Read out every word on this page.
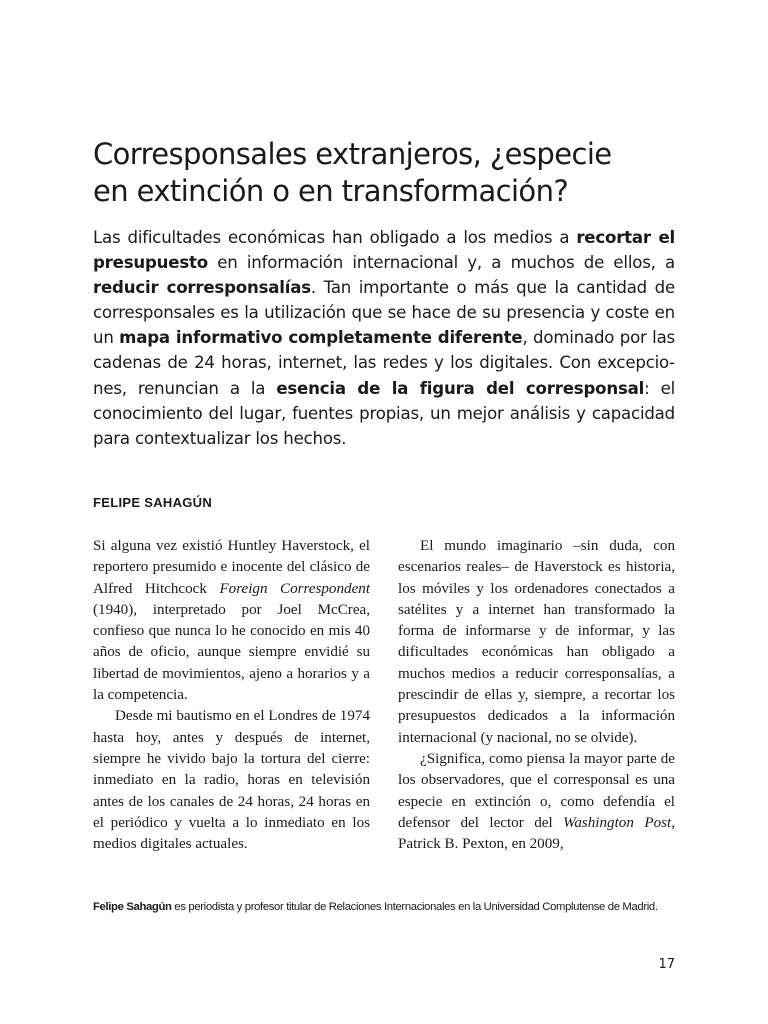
Corresponsales extranjeros, ¿especie
en extinción o en transformación?

Las dificultades económicas han obligado a los medios a recortar el presupuesto en información internacional y, a muchos de ellos, a reducir corresponsalías. Tan importante o más que la cantidad de corresponsales es la utilización que se hace de su presencia y coste en un mapa informativo completamente diferente, dominado por las cadenas de 24 horas, internet, las redes y los digitales. Con excepciones, renuncian a la esencia de la figura del corresponsal: el conocimiento del lugar, fuentes propias, un mejor análisis y capacidad para contextualizar los hechos.

FELIPE SAHAGÚN

Si alguna vez existió Huntley Haverstock, el reportero presumido e inocente del clásico de Alfred Hitchcock Foreign Correspondent (1940), interpretado por Joel McCrea, confieso que nunca lo he conocido en mis 40 años de oficio, aunque siempre envidié su libertad de movimientos, ajeno a horarios y a la competencia.

Desde mi bautismo en el Londres de 1974 hasta hoy, antes y después de internet, siempre he vivido bajo la tortura del cierre: inmediato en la radio, horas en televisión antes de los canales de 24 horas, 24 horas en el periódico y vuelta a lo inmediato en los medios digitales actuales.

El mundo imaginario –sin duda, con escenarios reales– de Haverstock es historia, los móviles y los ordenadores conectados a satélites y a internet han transformado la forma de informarse y de informar, y las dificultades económicas han obligado a muchos medios a reducir corresponsalías, a prescindir de ellas y, siempre, a recortar los presupuestos dedicados a la información internacional (y nacional, no se olvide).

¿Significa, como piensa la mayor parte de los observadores, que el corresponsal es una especie en extinción o, como defendía el defensor del lector del Washington Post, Patrick B. Pexton, en 2009,

Felipe Sahagún es periodista y profesor titular de Relaciones Internacionales en la Universidad Complutense de Madrid.

17
